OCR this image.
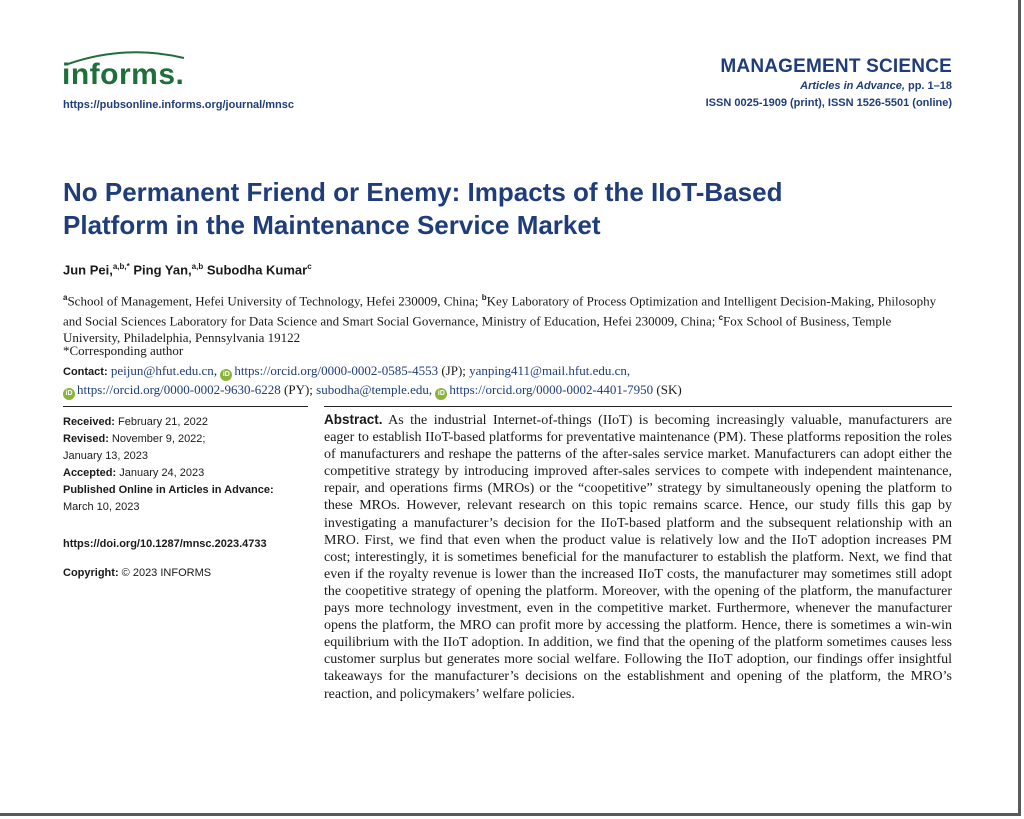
informs.
https://pubsonline.informs.org/journal/mnsc
MANAGEMENT SCIENCE
Articles in Advance, pp. 1–18
ISSN 0025-1909 (print), ISSN 1526-5501 (online)
No Permanent Friend or Enemy: Impacts of the IIoT-Based
Platform in the Maintenance Service Market
Jun Pei,$^{a,b,*}$ Ping Yan,$^{a,b}$ Subodha Kumar$^c$
$^a$School of Management, Hefei University of Technology, Hefei 230009, China; $^b$Key Laboratory of Process Optimization and Intelligent Decision-Making, Philosophy and Social Sciences Laboratory for Data Science and Smart Social Governance, Ministry of Education, Hefei 230009, China; $^c$Fox School of Business, Temple University, Philadelphia, Pennsylvania 19122
*Corresponding author
Contact: peijun@hfut.edu.cn, iD https://orcid.org/0000-0002-0585-4553 (JP); yanping411@mail.hfut.edu.cn,
iD https://orcid.org/0000-0002-9630-6228 (PY); subodha@temple.edu, iD https://orcid.org/0000-0002-4401-7950 (SK)
Received: February 21, 2022
Revised: November 9, 2022;
January 13, 2023
Accepted: January 24, 2023
Published Online in Articles in Advance:
March 10, 2023
https://doi.org/10.1287/mnsc.2023.4733
Copyright: © 2023 INFORMS
Abstract. As the industrial Internet-of-things (IIoT) is becoming increasingly valuable, manufacturers are eager to establish IIoT-based platforms for preventative maintenance (PM). These platforms reposition the roles of manufacturers and reshape the patterns of the after-sales service market. Manufacturers can adopt either the competitive strategy by introducing improved after-sales services to compete with independent maintenance, repair, and operations firms (MROs) or the “coopetitive” strategy by simultaneously opening the platform to these MROs. However, relevant research on this topic remains scarce. Hence, our study fills this gap by investigating a manufacturer’s decision for the IIoT-based platform and the subsequent relationship with an MRO. First, we find that even when the product value is relatively low and the IIoT adoption increases PM cost; interestingly, it is sometimes beneficial for the manufacturer to establish the platform. Next, we find that even if the royalty revenue is lower than the increased IIoT costs, the manufacturer may sometimes still adopt the coopetitive strategy of opening the platform. Moreover, with the opening of the platform, the manufacturer pays more technology investment, even in the competitive market. Furthermore, whenever the manufacturer opens the platform, the MRO can profit more by accessing the platform. Hence, there is sometimes a win-win equilibrium with the IIoT adoption. In addition, we find that the opening of the platform sometimes causes less customer surplus but generates more social welfare. Following the IIoT adoption, our findings offer insightful takeaways for the manufacturer’s decisions on the establishment and opening of the platform, the MRO’s reaction, and policymakers’ welfare policies.
